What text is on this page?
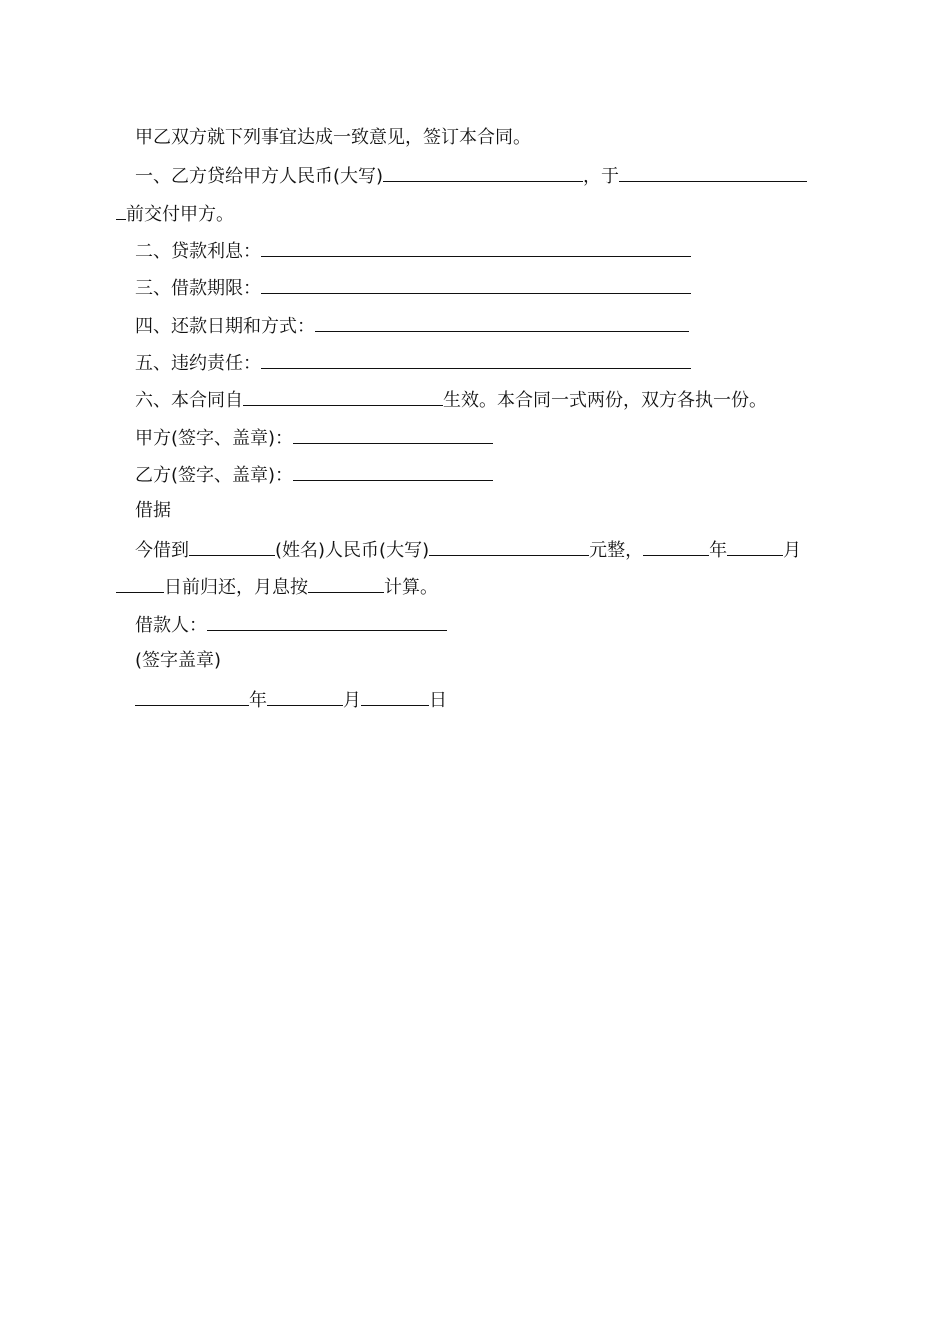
甲乙双方就下列事宜达成一致意见，签订本合同。
一、乙方贷给甲方人民币(大写)	，于
前交付甲方。
二、贷款利息：
三、借款期限：
四、还款日期和方式：
五、违约责任：
六、本合同自	生效。本合同一式两份，双方各执一份。
甲方(签字、盖章)：
乙方(签字、盖章)：
借据
今借到	(姓名)人民币(大写)	元整，	年	月
日前归还，月息按	计算。
借款人：
(签字盖章)
年	月	日
